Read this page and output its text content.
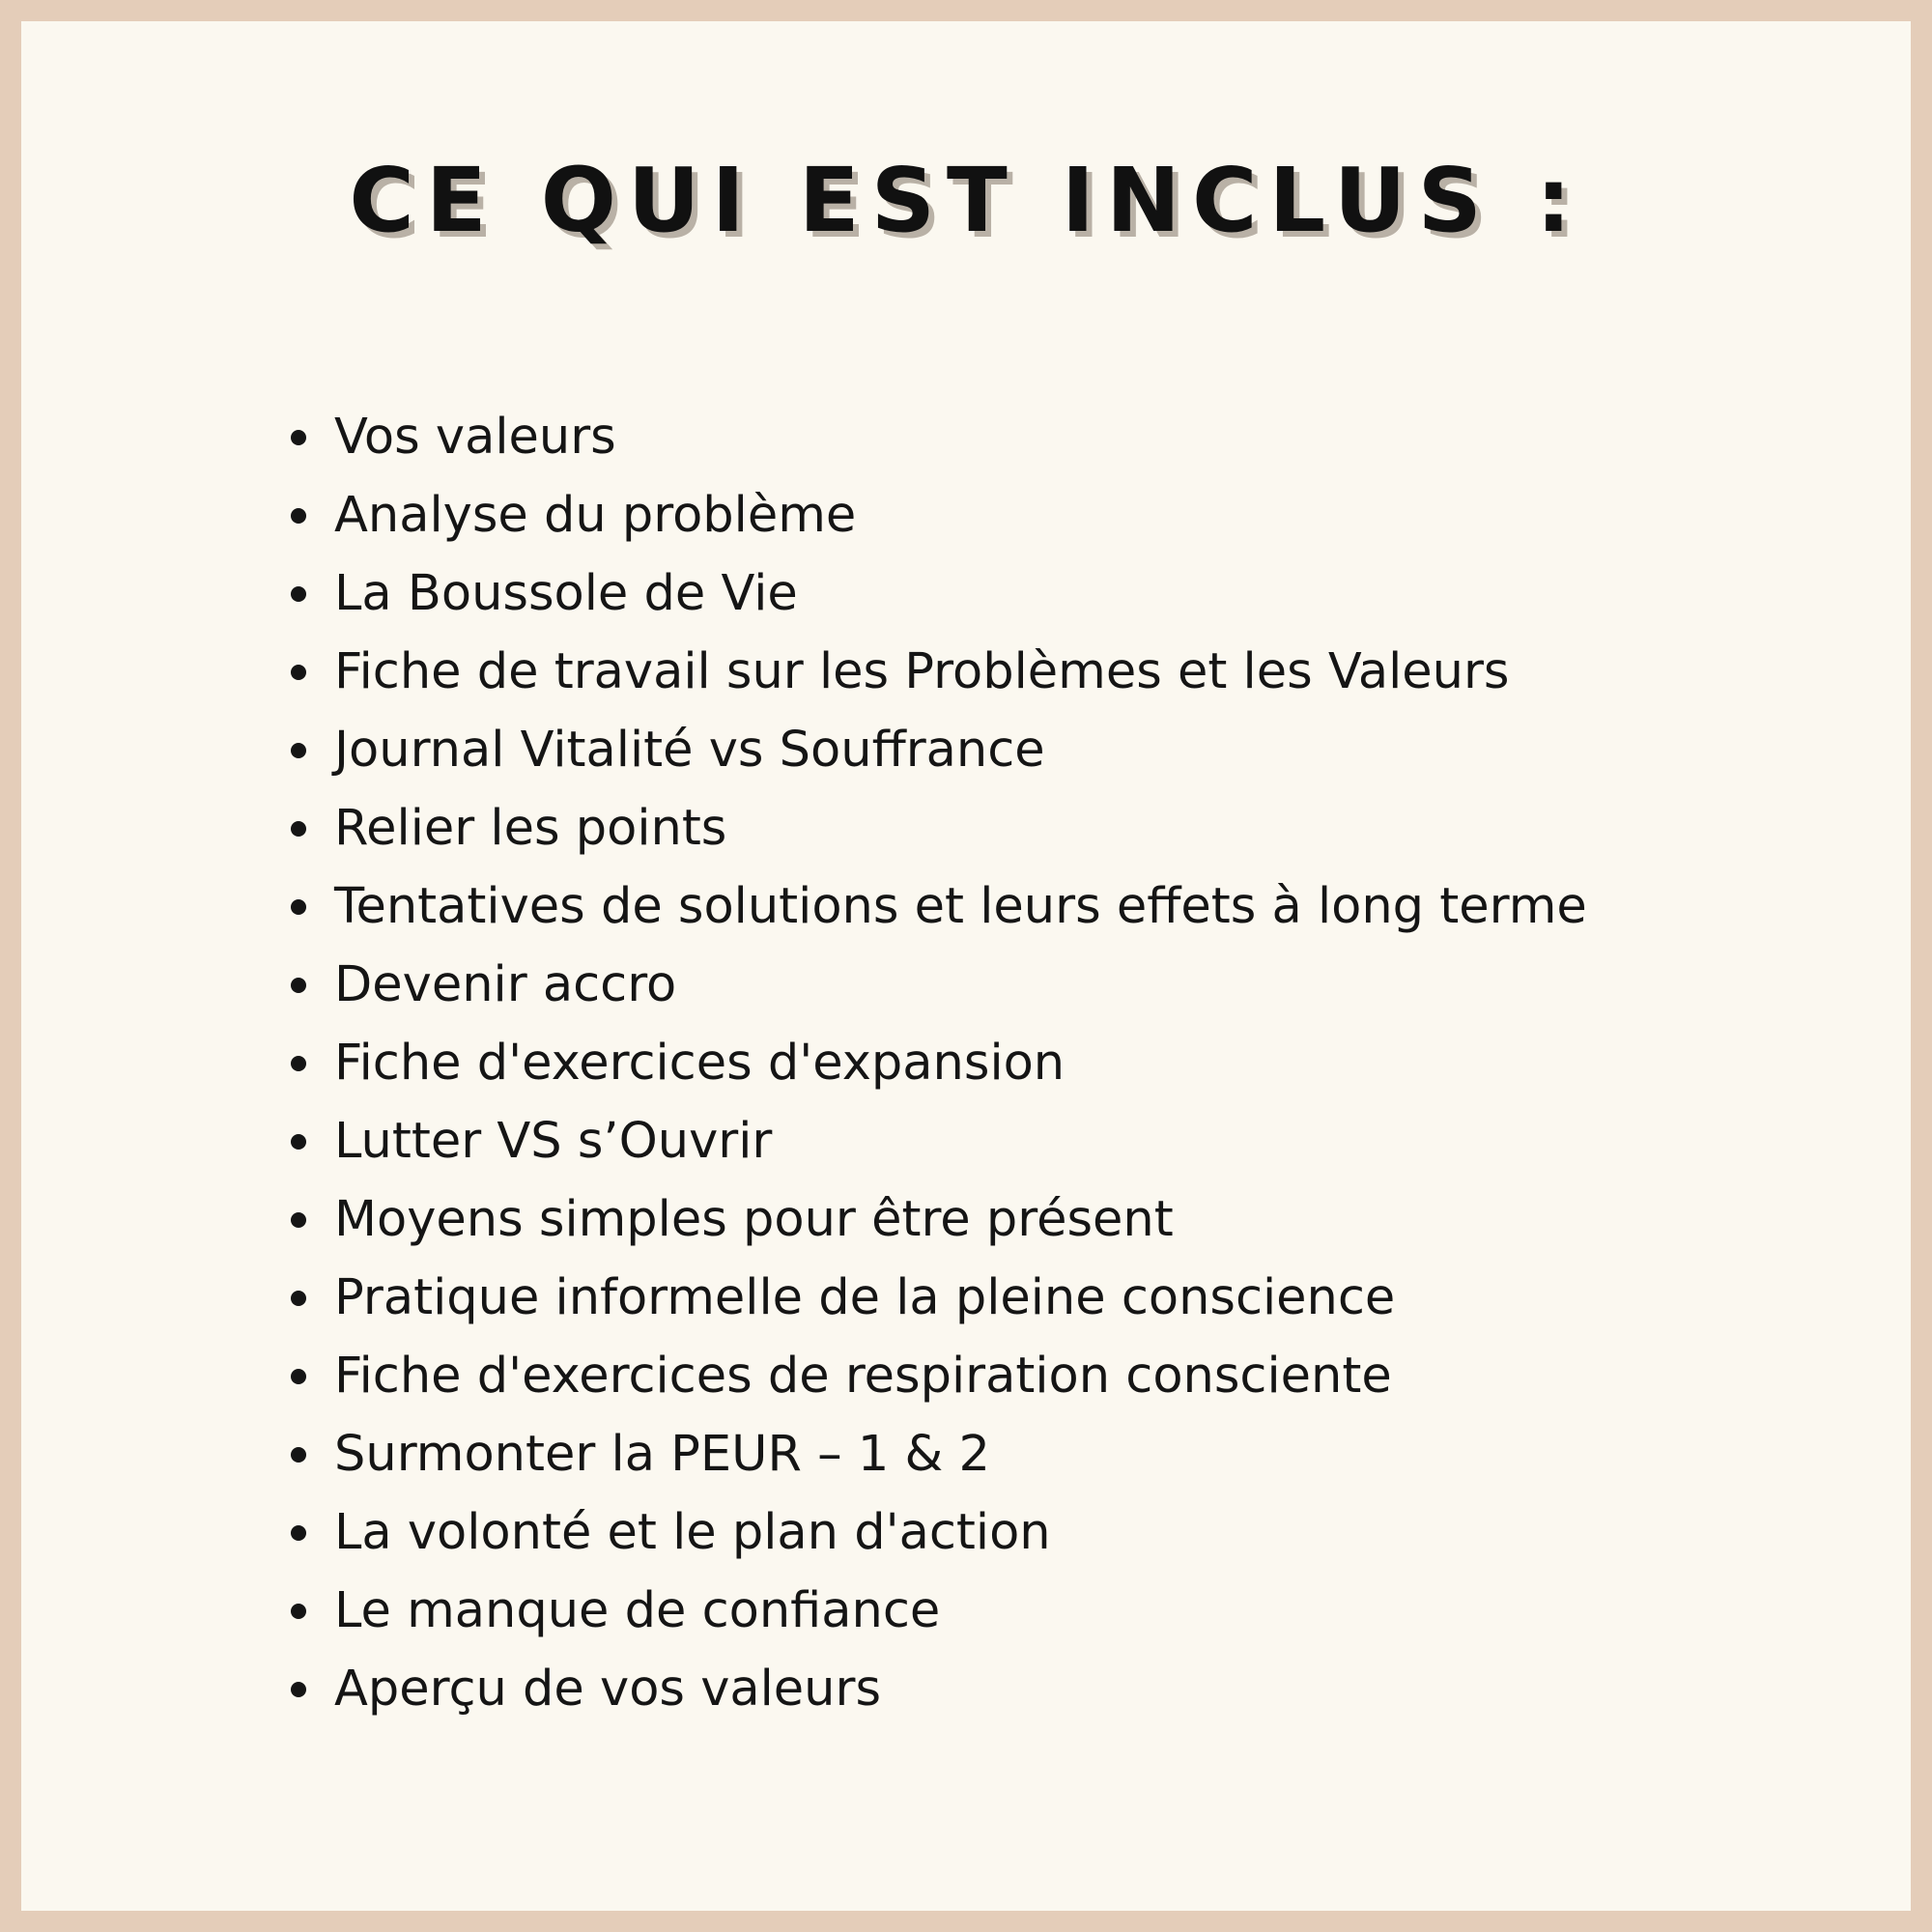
CE QUI EST INCLUS :
Vos valeurs
Analyse du problème
La Boussole de Vie
Fiche de travail sur les Problèmes et les Valeurs
Journal Vitalité vs Souffrance
Relier les points
Tentatives de solutions et leurs effets à long terme
Devenir accro
Fiche d'exercices d'expansion
Lutter VS s’Ouvrir
Moyens simples pour être présent
Pratique informelle de la pleine conscience
Fiche d'exercices de respiration consciente
Surmonter la PEUR – 1 & 2
La volonté et le plan d'action
Le manque de confiance
Aperçu de vos valeurs
